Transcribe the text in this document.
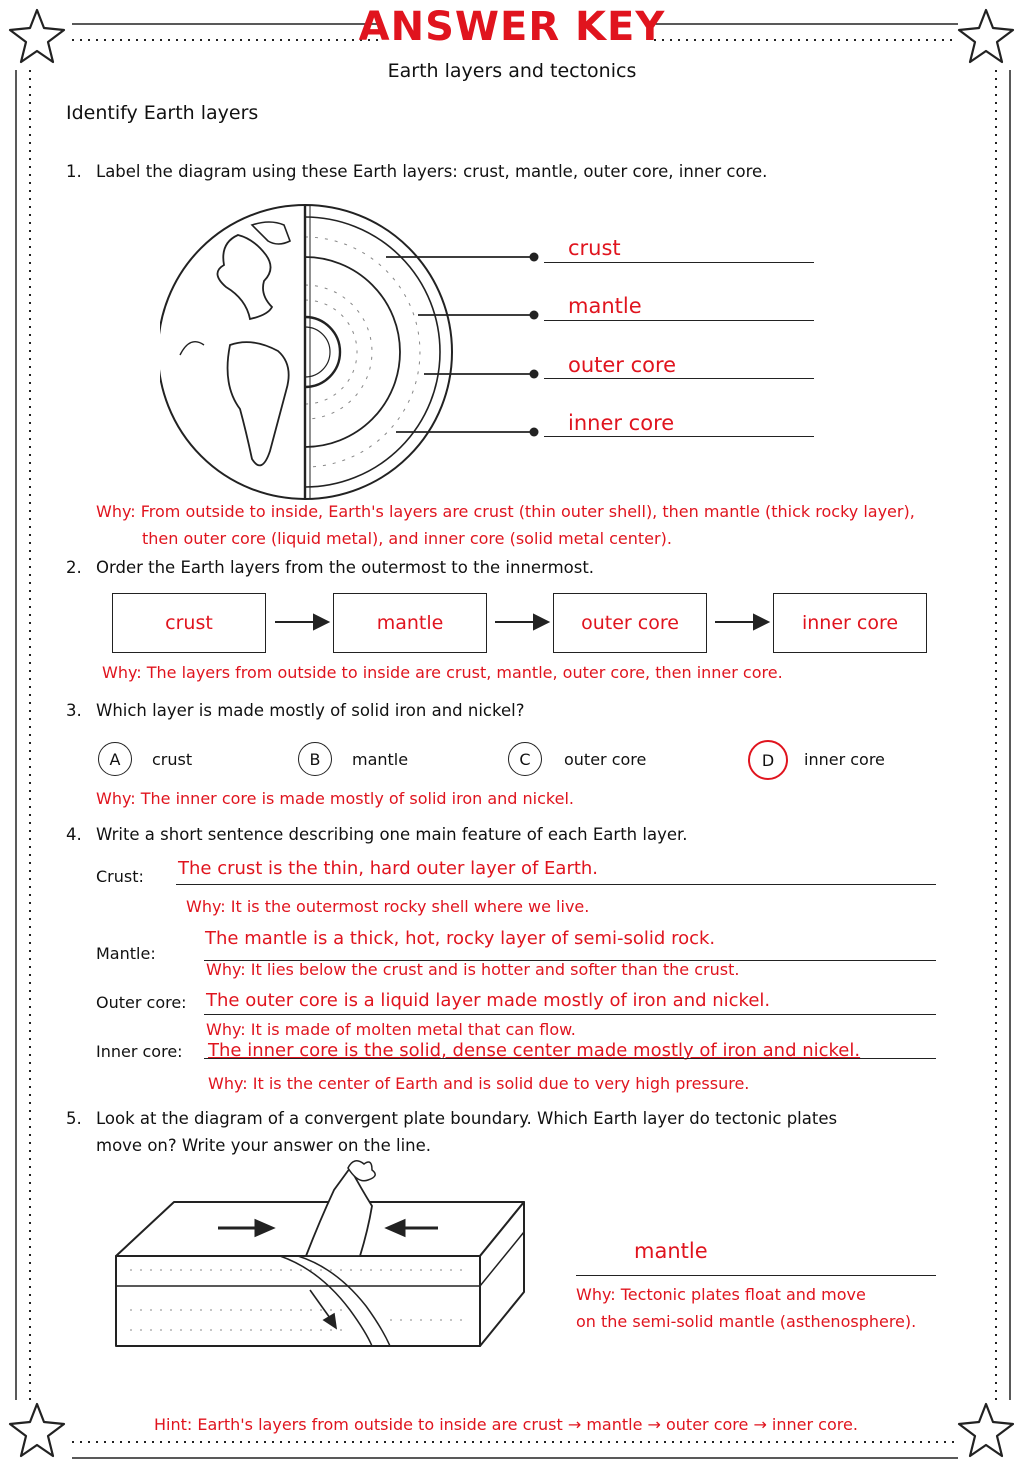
ANSWER KEY
Earth layers and tectonics
Identify Earth layers
1. Label the diagram using these Earth layers: crust, mantle, outer core, inner core.
crust
mantle
outer core
inner core
Why: From outside to inside, Earth's layers are crust (thin outer shell), then mantle (thick rocky layer),
then outer core (liquid metal), and inner core (solid metal center).
2. Order the Earth layers from the outermost to the innermost.
crust	mantle	outer core	inner core
Why: The layers from outside to inside are crust, mantle, outer core, then inner core.
3. Which layer is made mostly of solid iron and nickel?
A	crust	B	mantle	C	outer core	D	inner core
Why: The inner core is made mostly of solid iron and nickel.
4. Write a short sentence describing one main feature of each Earth layer.
Crust: The crust is the thin, hard outer layer of Earth.
Why: It is the outermost rocky shell where we live.
Mantle:
The mantle is a thick, hot, rocky layer of semi-solid rock.
Why: It lies below the crust and is hotter and softer than the crust.
Outer core: The outer core is a liquid layer made mostly of iron and nickel.
Why: It is made of molten metal that can flow.
Inner core: The inner core is the solid, dense center made mostly of iron and nickel.
Why: It is the center of Earth and is solid due to very high pressure.
5. Look at the diagram of a convergent plate boundary. Which Earth layer do tectonic plates
move on? Write your answer on the line.
mantle
Why: Tectonic plates float and move
on the semi-solid mantle (asthenosphere).
Hint: Earth's layers from outside to inside are crust → mantle → outer core → inner core.
